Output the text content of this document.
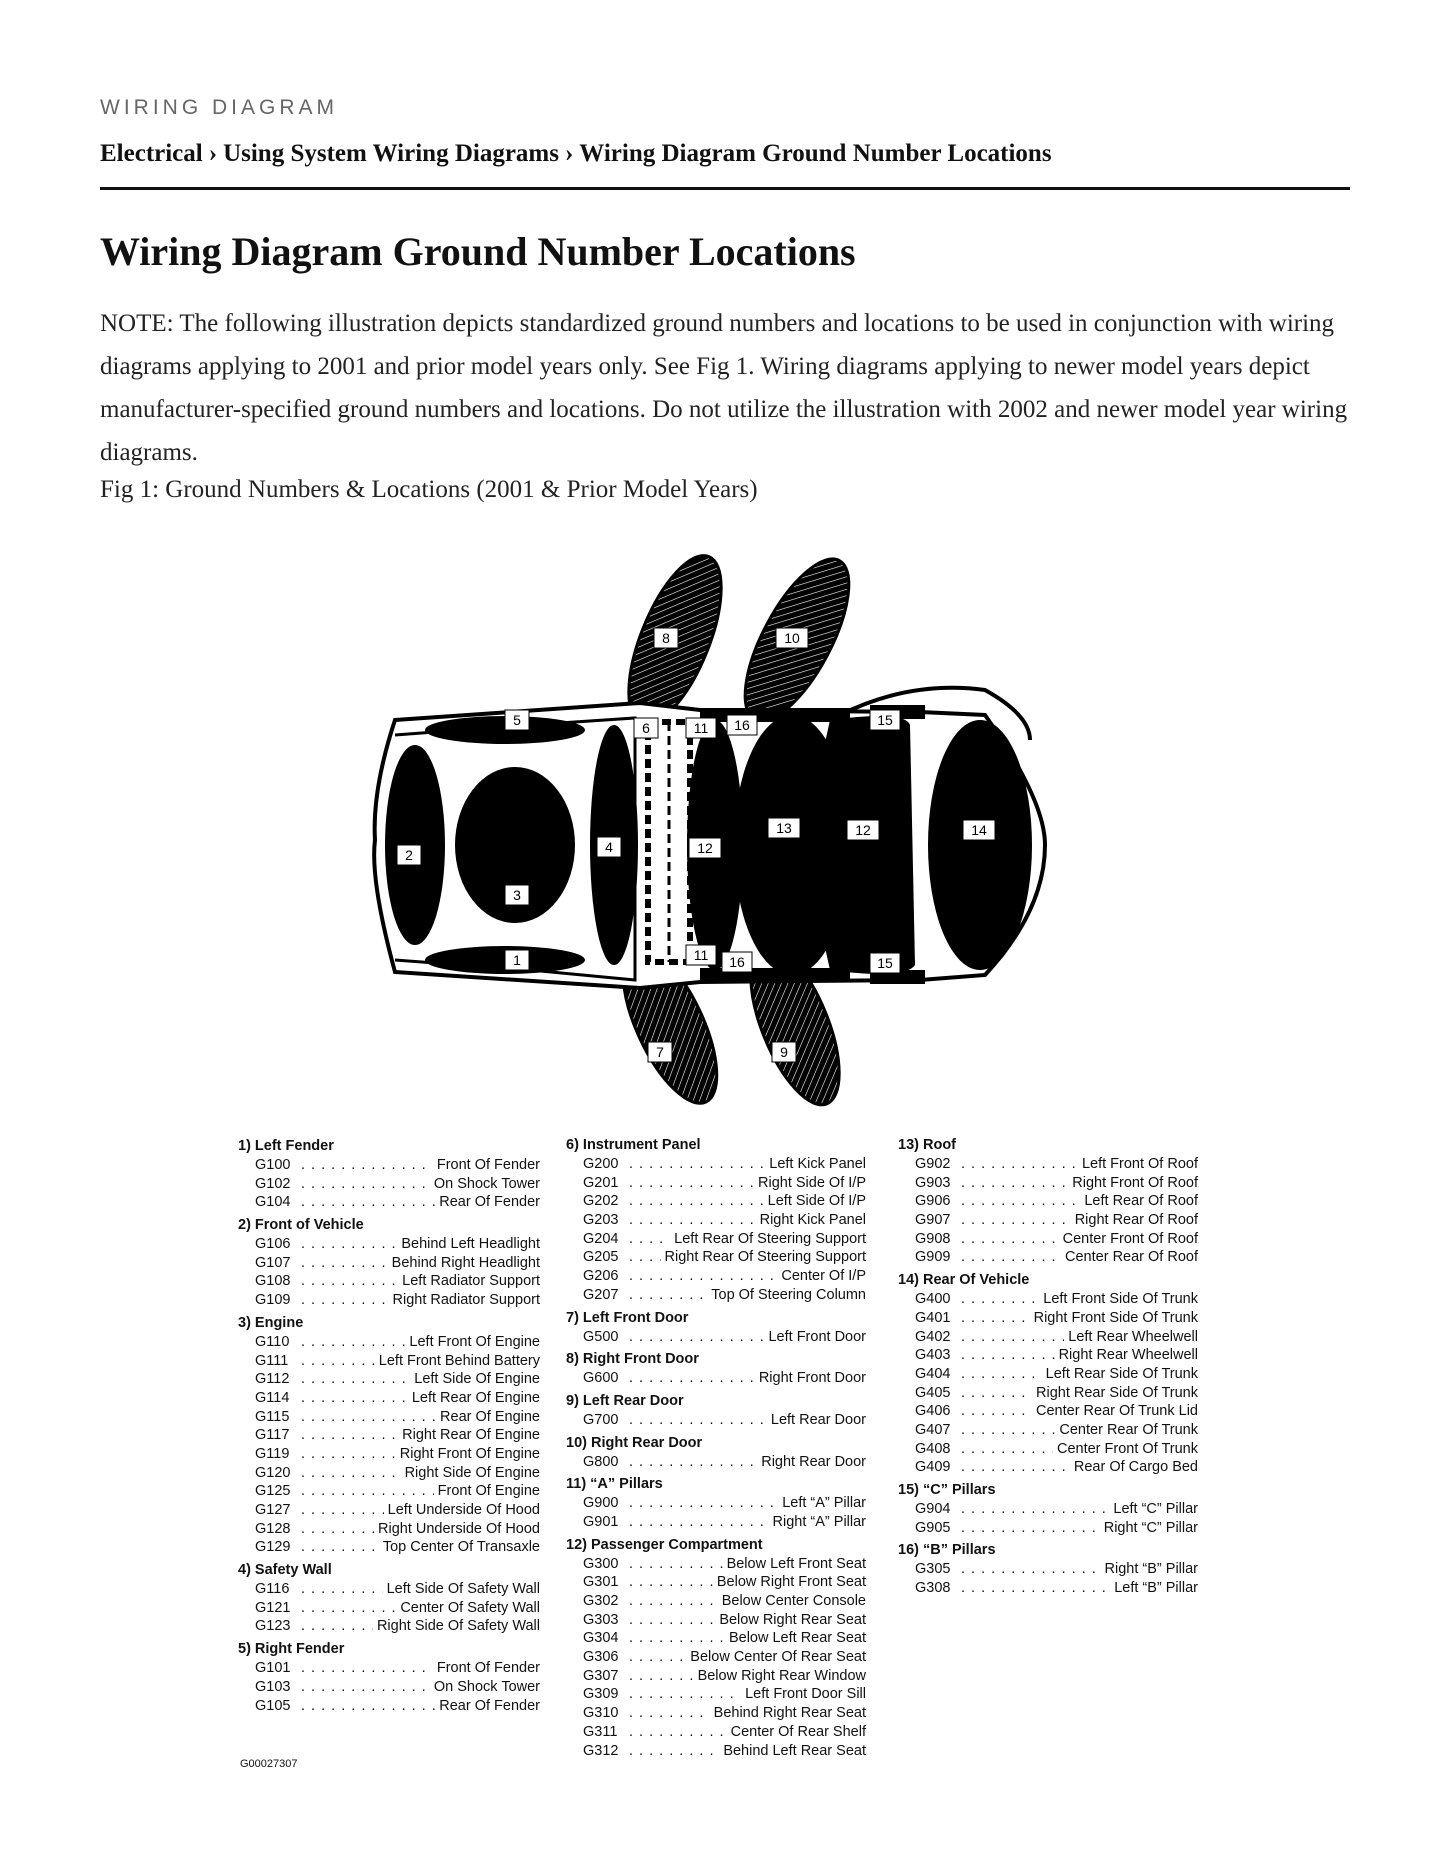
WIRING DIAGRAM
Electrical › Using System Wiring Diagrams › Wiring Diagram Ground Number Locations
Wiring Diagram Ground Number Locations

NOTE: The following illustration depicts standardized ground numbers and locations to be used in conjunction with wiring diagrams applying to 2001 and prior model years only. See Fig 1. Wiring diagrams applying to newer model years depict manufacturer-specified ground numbers and locations. Do not utilize the illustration with 2002 and newer model year wiring diagrams.

Fig 1: Ground Numbers & Locations (2001 & Prior Model Years)
8	10
5	6	11 16	15
2	4	12
13	12	14
3
1	11 16	15
7	9
1) Left Fender
G100 . . .	Front Of Fender
G102 . . .	On Shock Tower
G104 . . .	Rear Of Fender
2) Front of Vehicle
G106 . . .	Behind Left Headlight
G107 . . .	Behind Right Headlight
G108 . . .	Left Radiator Support
G109 . . .	Right Radiator Support
3) Engine
G110 . . .	Left Front Of Engine
G111 . . .	Left Front Behind Battery
G112 . . .	Left Side Of Engine
G114 . . .	Left Rear Of Engine
G115 . . .	Rear Of Engine
G117 . . .	Right Rear Of Engine
G119 . . .	Right Front Of Engine
G120 . . .	Right Side Of Engine
G125 . . .	Front Of Engine
G127 . . .	Left Underside Of Hood
G128 . . .	Right Underside Of Hood
G129 . . .	Top Center Of Transaxle
4) Safety Wall
G116 . . .	Left Side Of Safety Wall
G121 . . .	Center Of Safety Wall
G123 . . .	Right Side Of Safety Wall
5) Right Fender
G101 . . .	Front Of Fender
G103 . . .	On Shock Tower
G105 . . .	Rear Of Fender
6) Instrument Panel
G200 . . .	Left Kick Panel
G201 . . .	Right Side Of I/P
G202 . . .	Left Side Of I/P
G203 . . .	Right Kick Panel
G204 . . .	Left Rear Of Steering Support
G205 . . .	Right Rear Of Steering Support
G206 . . .	Center Of I/P
G207 . . .	Top Of Steering Column
7) Left Front Door
G500 . . .	Left Front Door
8) Right Front Door
G600 . . .	Right Front Door
9) Left Rear Door
G700 . . .	Left Rear Door
10) Right Rear Door
G800 . . .	Right Rear Door
11) “A” Pillars
G900 . . .	Left “A” Pillar
G901 . . .	Right “A” Pillar
12) Passenger Compartment
G300 . . .	Below Left Front Seat
G301 . . .	Below Right Front Seat
G302 . . .	Below Center Console
G303 . . .	Below Right Rear Seat
G304 . . .	Below Left Rear Seat
G306 . . .	Below Center Of Rear Seat
G307 . . .	Below Right Rear Window
G309 . . .	Left Front Door Sill
G310 . . .	Behind Right Rear Seat
G311 . . .	Center Of Rear Shelf
G312 . . .	Behind Left Rear Seat
13) Roof
G902 . . .	Left Front Of Roof
G903 . . .	Right Front Of Roof
G906 . . .	Left Rear Of Roof
G907 . . .	Right Rear Of Roof
G908 . . .	Center Front Of Roof
G909 . . .	Center Rear Of Roof
14) Rear Of Vehicle
G400 . . .	Left Front Side Of Trunk
G401 . . .	Right Front Side Of Trunk
G402 . . .	Left Rear Wheelwell
G403 . . .	Right Rear Wheelwell
G404 . . .	Left Rear Side Of Trunk
G405 . . .	Right Rear Side Of Trunk
G406 . . .	Center Rear Of Trunk Lid
G407 . . .	Center Rear Of Trunk
G408 . . .	Center Front Of Trunk
G409 . . .	Rear Of Cargo Bed
15) “C” Pillars
G904 . . .	Left “C” Pillar
G905 . . .	Right “C” Pillar
16) “B” Pillars
G305 . . .	Right “B” Pillar
G308 . . .	Left “B” Pillar
G00027307
